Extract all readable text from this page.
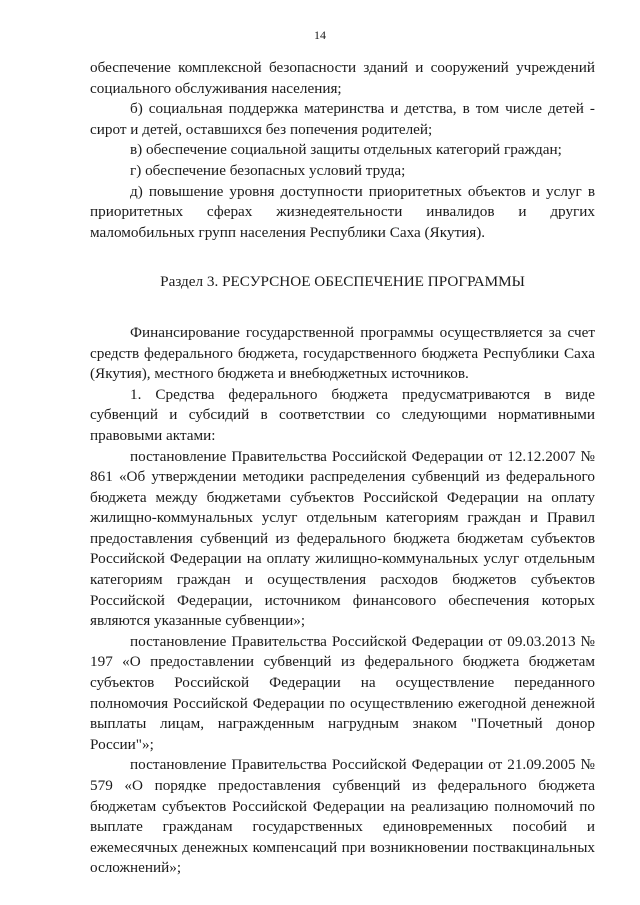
14

обеспечение комплексной безопасности зданий и сооружений учреждений социального обслуживания населения;

б) социальная поддержка материнства и детства, в том числе детей - сирот и детей, оставшихся без попечения родителей;

в) обеспечение социальной защиты отдельных категорий граждан;

г) обеспечение безопасных условий труда;

д) повышение уровня доступности приоритетных объектов и услуг в приоритетных сферах жизнедеятельности инвалидов и других маломобильных групп населения Республики Саха (Якутия).

Раздел 3. РЕСУРСНОЕ ОБЕСПЕЧЕНИЕ ПРОГРАММЫ

Финансирование государственной программы осуществляется за счет средств федерального бюджета, государственного бюджета Республики Саха (Якутия), местного бюджета и внебюджетных источников.

1. Средства федерального бюджета предусматриваются в виде субвенций и субсидий в соответствии со следующими нормативными правовыми актами:

постановление Правительства Российской Федерации от 12.12.2007 № 861 «Об утверждении методики распределения субвенций из федерального бюджета между бюджетами субъектов Российской Федерации на оплату жилищно-коммунальных услуг отдельным категориям граждан и Правил предоставления субвенций из федерального бюджета бюджетам субъектов Российской Федерации на оплату жилищно-коммунальных услуг отдельным категориям граждан и осуществления расходов бюджетов субъектов Российской Федерации, источником финансового обеспечения которых являются указанные субвенции»;

постановление Правительства Российской Федерации от 09.03.2013 № 197 «О предоставлении субвенций из федерального бюджета бюджетам субъектов Российской Федерации на осуществление переданного полномочия Российской Федерации по осуществлению ежегодной денежной выплаты лицам, награжденным нагрудным знаком "Почетный донор России"»;

постановление Правительства Российской Федерации от 21.09.2005 № 579 «О порядке предоставления субвенций из федерального бюджета бюджетам субъектов Российской Федерации на реализацию полномочий по выплате гражданам государственных единовременных пособий и ежемесячных денежных компенсаций при возникновении поствакцинальных осложнений»;
